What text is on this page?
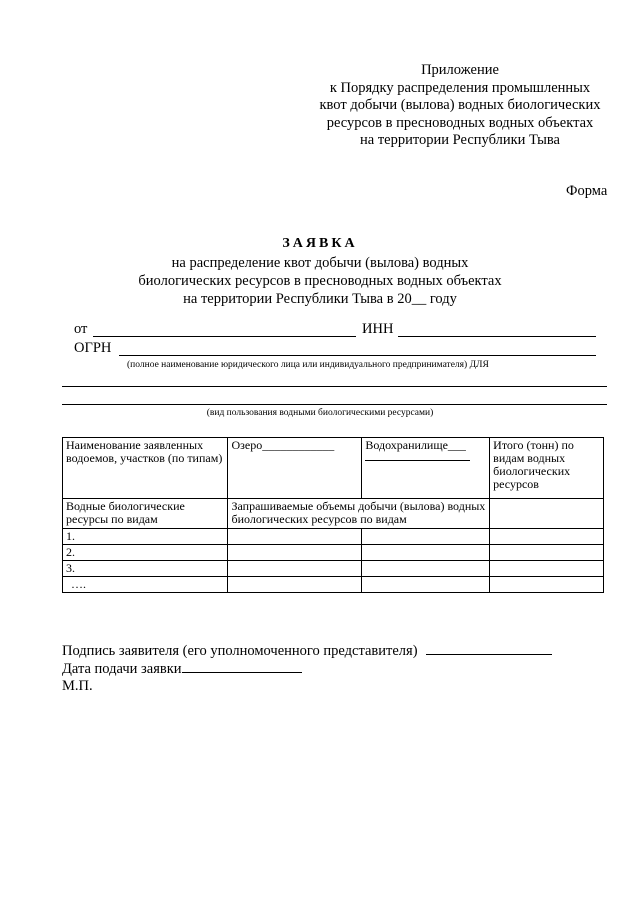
Приложение
к Порядку распределения промышленных
квот добычи (вылова) водных биологических
ресурсов в пресноводных водных объектах
на территории Республики Тыва
Форма
ЗАЯВКА
на распределение квот добычи (вылова) водных
биологических ресурсов в пресноводных водных объектах
на территории Республики Тыва в 20__ году
от	ИНН
ОГРН
(полное наименование юридического лица или индивидуального предпринимателя) ДЛЯ
(вид пользования водными биологическими ресурсами)
Наименование заявленных водоемов, участков (по типам)	Озеро____________	Водохранилище___	Итого (тонн) по видам водных биологических ресурсов
Водные биологические ресурсы по видам	Запрашиваемые объемы добычи (вылова) водных биологических ресурсов по видам		
1.			
2.			
3.			
….			
Подпись заявителя (его уполномоченного представителя)
Дата подачи заявки
М.П.
